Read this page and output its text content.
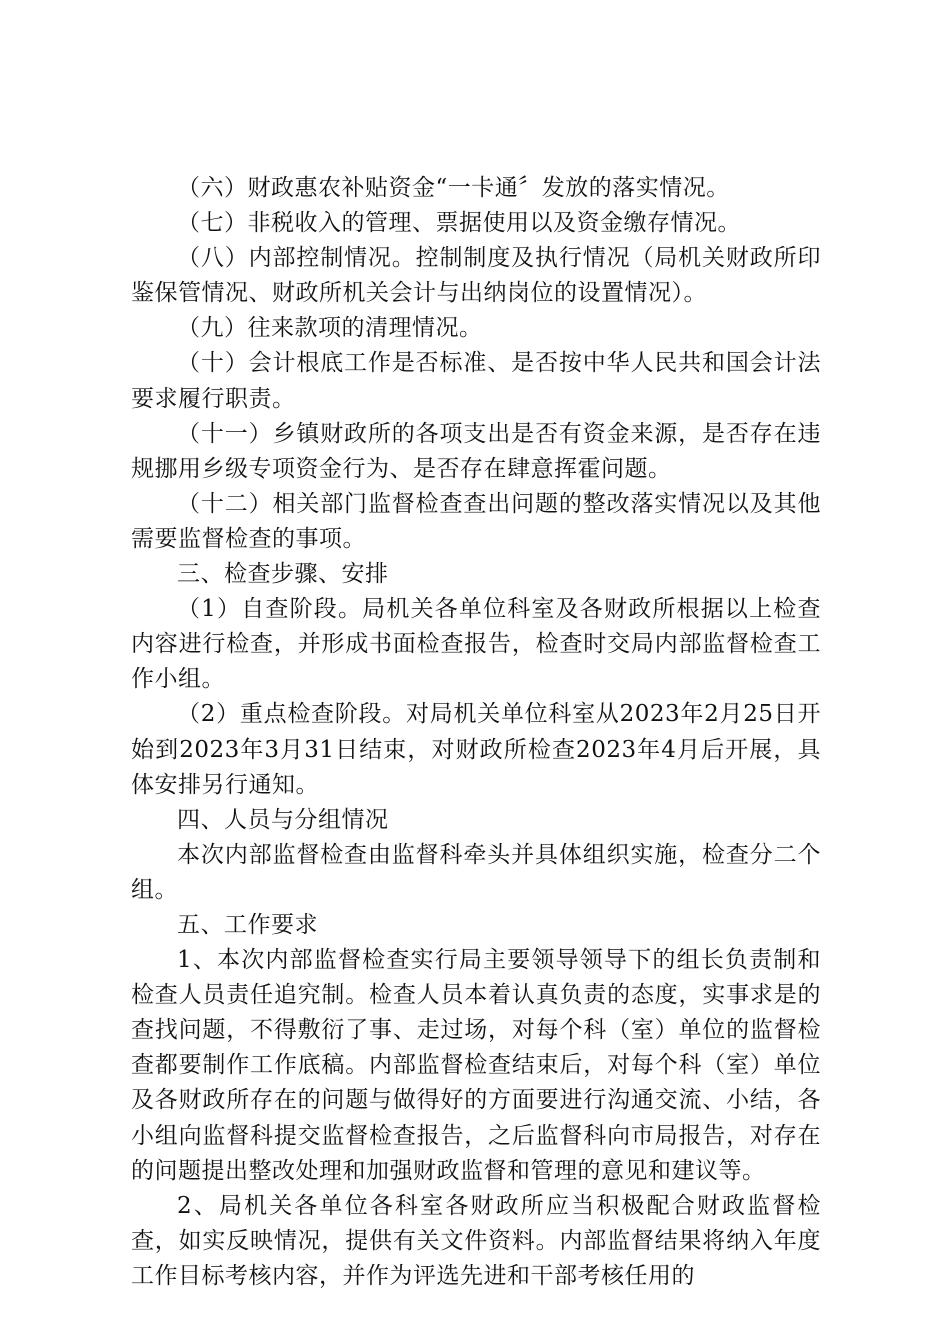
（六）财政惠农补贴资金“一卡通〞发放的落实情况。

（七）非税收入的管理、票据使用以及资金缴存情况。

（八）内部控制情况。控制制度及执行情况（局机关财政所印鉴保管情况、财政所机关会计与出纳岗位的设置情况）。

（九）往来款项的清理情况。

（十）会计根底工作是否标准、是否按中华人民共和国会计法要求履行职责。

（十一）乡镇财政所的各项支出是否有资金来源，是否存在违规挪用乡级专项资金行为、是否存在肆意挥霍问题。

（十二）相关部门监督检查查出问题的整改落实情况以及其他需要监督检查的事项。

三、检查步骤、安排

（1）自查阶段。局机关各单位科室及各财政所根据以上检查内容进行检查，并形成书面检查报告，检查时交局内部监督检查工作小组。

（2）重点检查阶段。对局机关单位科室从2023年2月25日开始到2023年3月31日结束，对财政所检查2023年4月后开展，具体安排另行通知。

四、人员与分组情况

本次内部监督检查由监督科牵头并具体组织实施，检查分二个组。

五、工作要求

1、本次内部监督检查实行局主要领导领导下的组长负责制和检查人员责任追究制。检查人员本着认真负责的态度，实事求是的查找问题，不得敷衍了事、走过场，对每个科（室）单位的监督检查都要制作工作底稿。内部监督检查结束后，对每个科（室）单位及各财政所存在的问题与做得好的方面要进行沟通交流、小结，各小组向监督科提交监督检查报告，之后监督科向市局报告，对存在的问题提出整改处理和加强财政监督和管理的意见和建议等。

2、局机关各单位各科室各财政所应当积极配合财政监督检查，如实反映情况，提供有关文件资料。内部监督结果将纳入年度工作目标考核内容，并作为评选先进和干部考核任用的
